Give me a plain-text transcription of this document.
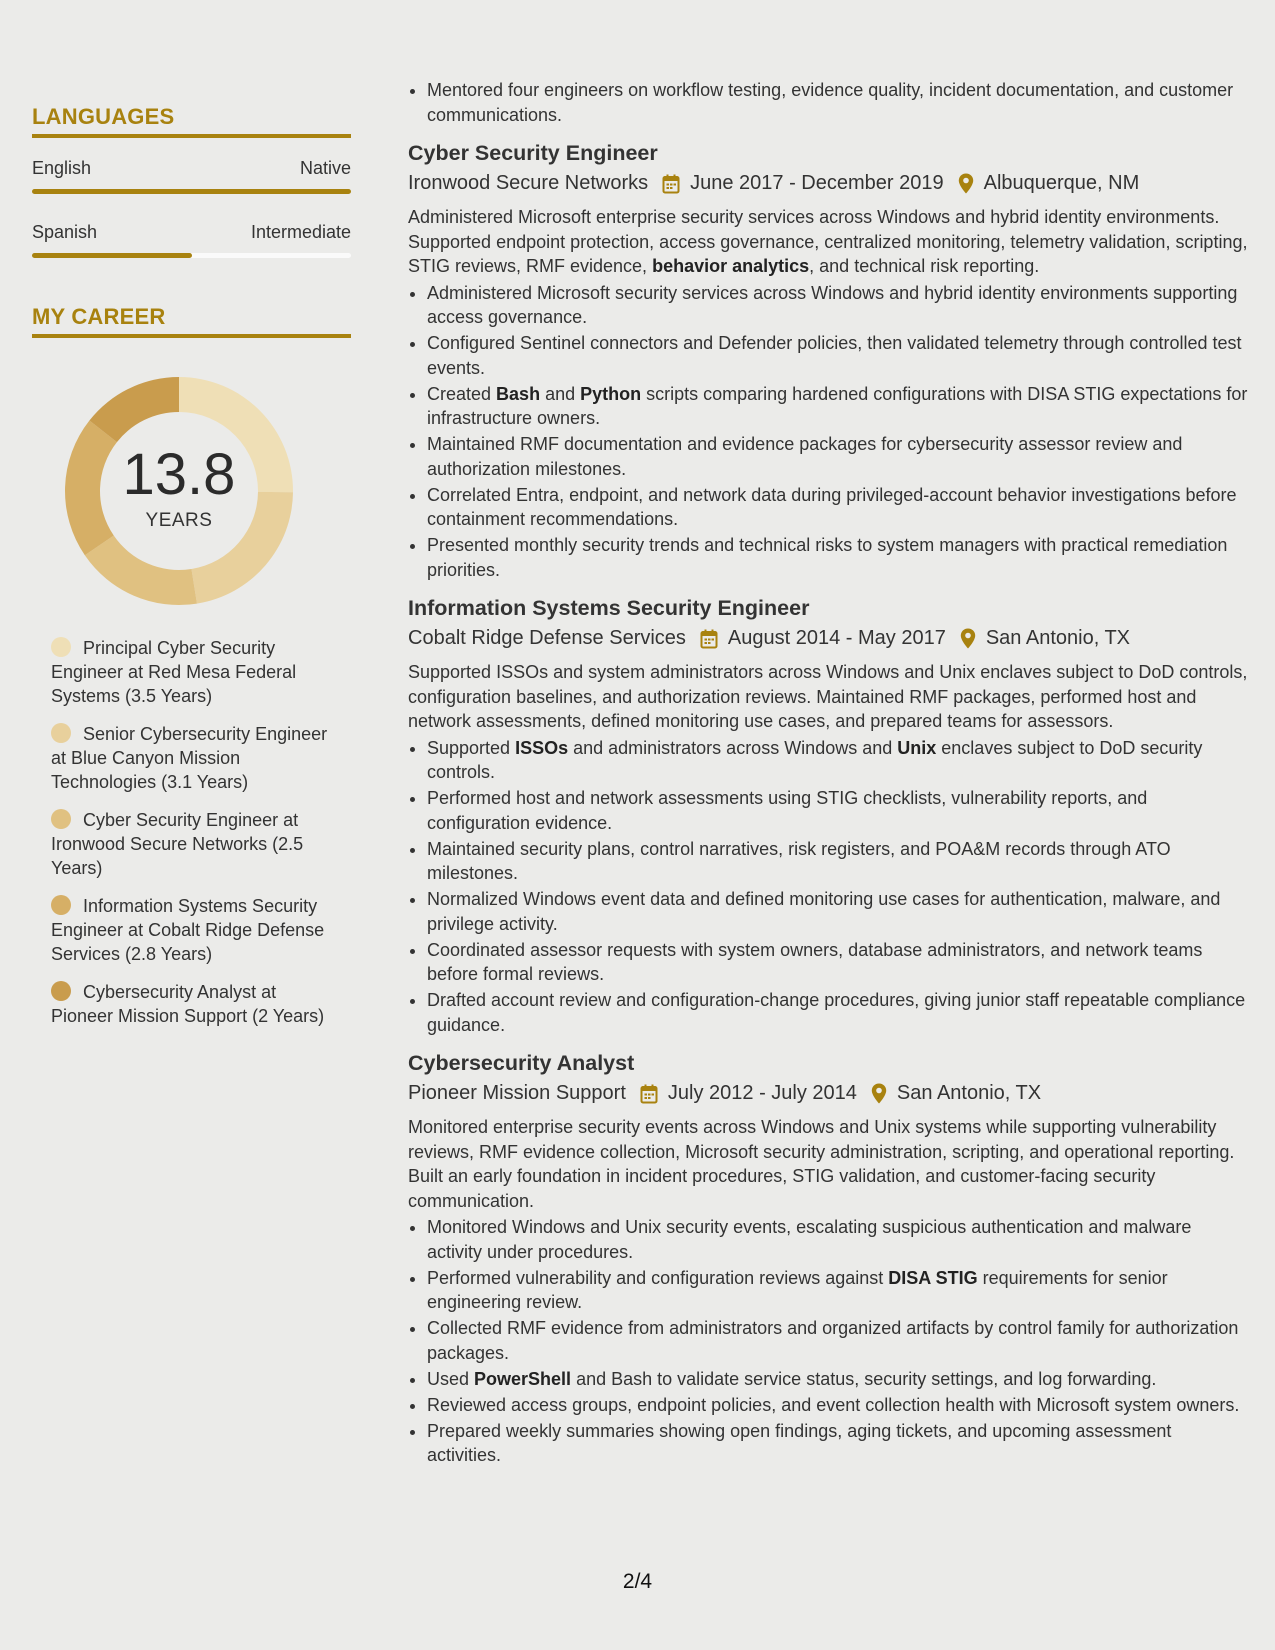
LANGUAGES
English	Native
Spanish	Intermediate
MY CAREER
13.8
YEARS
Principal Cyber Security Engineer at Red Mesa Federal Systems (3.5 Years)
Senior Cybersecurity Engineer at Blue Canyon Mission Technologies (3.1 Years)
Cyber Security Engineer at Ironwood Secure Networks (2.5 Years)
Information Systems Security Engineer at Cobalt Ridge Defense Services (2.8 Years)
Cybersecurity Analyst at Pioneer Mission Support (2 Years)
• Mentored four engineers on workflow testing, evidence quality, incident documentation, and customer communications.
Cyber Security Engineer
Ironwood Secure Networks June 2017 - December 2019 Albuquerque, NM

Administered Microsoft enterprise security services across Windows and hybrid identity environments. Supported endpoint protection, access governance, centralized monitoring, telemetry validation, scripting, STIG reviews, RMF evidence, behavior analytics, and technical risk reporting.

• Administered Microsoft security services across Windows and hybrid identity environments supporting access governance.
• Configured Sentinel connectors and Defender policies, then validated telemetry through controlled test events.
• Created Bash and Python scripts comparing hardened configurations with DISA STIG expectations for infrastructure owners.
• Maintained RMF documentation and evidence packages for cybersecurity assessor review and authorization milestones.
• Correlated Entra, endpoint, and network data during privileged-account behavior investigations before containment recommendations.
• Presented monthly security trends and technical risks to system managers with practical remediation priorities.
Information Systems Security Engineer
Cobalt Ridge Defense Services August 2014 - May 2017 San Antonio, TX

Supported ISSOs and system administrators across Windows and Unix enclaves subject to DoD controls, configuration baselines, and authorization reviews. Maintained RMF packages, performed host and network assessments, defined monitoring use cases, and prepared teams for assessors.

• Supported ISSOs and administrators across Windows and Unix enclaves subject to DoD security controls.
• Performed host and network assessments using STIG checklists, vulnerability reports, and configuration evidence.
• Maintained security plans, control narratives, risk registers, and POA&M records through ATO milestones.
• Normalized Windows event data and defined monitoring use cases for authentication, malware, and privilege activity.
• Coordinated assessor requests with system owners, database administrators, and network teams before formal reviews.
• Drafted account review and configuration-change procedures, giving junior staff repeatable compliance guidance.
Cybersecurity Analyst
Pioneer Mission Support July 2012 - July 2014 San Antonio, TX

Monitored enterprise security events across Windows and Unix systems while supporting vulnerability reviews, RMF evidence collection, Microsoft security administration, scripting, and operational reporting. Built an early foundation in incident procedures, STIG validation, and customer-facing security communication.

• Monitored Windows and Unix security events, escalating suspicious authentication and malware activity under procedures.
• Performed vulnerability and configuration reviews against DISA STIG requirements for senior engineering review.
• Collected RMF evidence from administrators and organized artifacts by control family for authorization packages.
• Used PowerShell and Bash to validate service status, security settings, and log forwarding.
• Reviewed access groups, endpoint policies, and event collection health with Microsoft system owners.
• Prepared weekly summaries showing open findings, aging tickets, and upcoming assessment activities.
2/4
